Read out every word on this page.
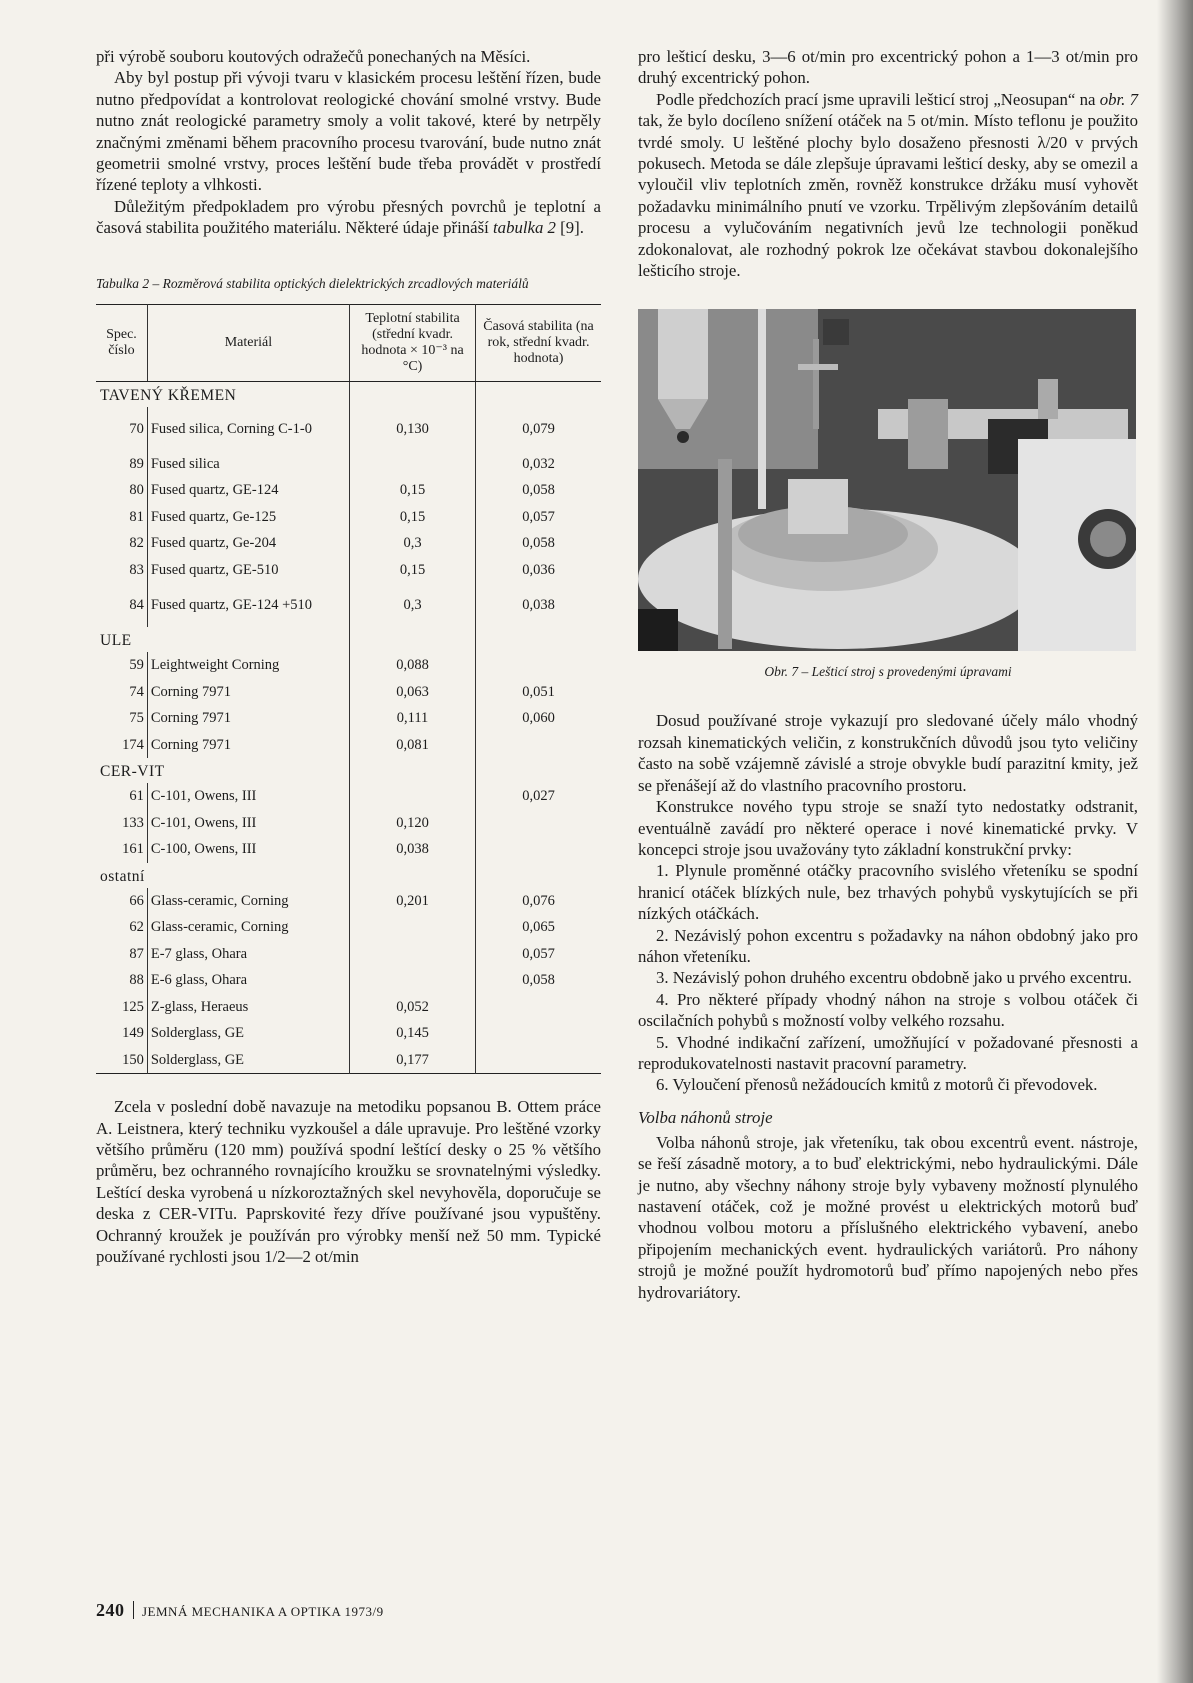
při výrobě souboru koutových odražečů ponechaných na Měsíci.

Aby byl postup při vývoji tvaru v klasickém procesu leštění řízen, bude nutno předpovídat a kontrolovat reologické chování smolné vrstvy. Bude nutno znát reologické parametry smoly a volit takové, které by netrpěly značnými změnami během pracovního procesu tvarování, bude nutno znát geometrii smolné vrstvy, proces leštění bude třeba provádět v prostředí řízené teploty a vlhkosti.

Důležitým předpokladem pro výrobu přesných povrchů je teplotní a časová stabilita použitého materiálu. Některé údaje přináší tabulka 2 [9].

Tabulka 2 – Rozměrová stabilita optických dielektrických zrcadlových materiálů

Spec. číslo	Materiál	Teplotní stabilita (střední kvadr. hodnota × 10⁻³ na °C)	Časová stabilita (na rok, střední kvadr. hodnota)
TAVENÝ KŘEMEN			
70	Fused silica, Corning C-1-0	0,130	0,079
89	Fused silica		0,032
80	Fused quartz, GE-124	0,15	0,058
81	Fused quartz, Ge-125	0,15	0,057
82	Fused quartz, Ge-204	0,3	0,058
83	Fused quartz, GE-510	0,15	0,036
84	Fused quartz, GE-124 +510	0,3	0,038
ULE			
59	Leightweight Corning	0,088	
74	Corning 7971	0,063	0,051
75	Corning 7971	0,111	0,060
174	Corning 7971	0,081	
CER-VIT			
61	C-101, Owens, III		0,027
133	C-101, Owens, III	0,120	
161	C-100, Owens, III	0,038	
ostatní			
66	Glass-ceramic, Corning	0,201	0,076
62	Glass-ceramic, Corning		0,065
87	E-7 glass, Ohara		0,057
88	E-6 glass, Ohara		0,058
125	Z-glass, Heraeus	0,052	
149	Solderglass, GE	0,145	
150	Solderglass, GE	0,177	

Zcela v poslední době navazuje na metodiku popsanou B. Ottem práce A. Leistnera, který techniku vyzkoušel a dále upravuje. Pro leštěné vzorky většího průměru (120 mm) používá spodní leštící desky o 25 % většího průměru, bez ochranného rovnajícího kroužku se srovnatelnými výsledky. Leštící deska vyrobená u nízkoroztažných skel nevyhověla, doporučuje se deska z CER-VITu. Paprskovité řezy dříve používané jsou vypuštěny. Ochranný kroužek je používán pro výrobky menší než 50 mm. Typické používané rychlosti jsou 1/2—2 ot/min

pro lešticí desku, 3—6 ot/min pro excentrický pohon a 1—3 ot/min pro druhý excentrický pohon.

Podle předchozích prací jsme upravili lešticí stroj „Neosupan“ na obr. 7 tak, že bylo docíleno snížení otáček na 5 ot/min. Místo teflonu je použito tvrdé smoly. U leštěné plochy bylo dosaženo přesnosti λ/20 v prvých pokusech. Metoda se dále zlepšuje úpravami lešticí desky, aby se omezil a vyloučil vliv teplotních změn, rovněž konstrukce držáku musí vyhovět požadavku minimálního pnutí ve vzorku. Trpělivým zlepšováním detailů procesu a vylučováním negativních jevů lze technologii poněkud zdokonalovat, ale rozhodný pokrok lze očekávat stavbou dokonalejšího lešticího stroje.

Obr. 7 – Lešticí stroj s provedenými úpravami

Dosud používané stroje vykazují pro sledované účely málo vhodný rozsah kinematických veličin, z konstrukčních důvodů jsou tyto veličiny často na sobě vzájemně závislé a stroje obvykle budí parazitní kmity, jež se přenášejí až do vlastního pracovního prostoru.

Konstrukce nového typu stroje se snaží tyto nedostatky odstranit, eventuálně zavádí pro některé operace i nové kinematické prvky. V koncepci stroje jsou uvažovány tyto základní konstrukční prvky:

1. Plynule proměnné otáčky pracovního svislého vřeteníku se spodní hranicí otáček blízkých nule, bez trhavých pohybů vyskytujících se při nízkých otáčkách.

2. Nezávislý pohon excentru s požadavky na náhon obdobný jako pro náhon vřeteníku.

3. Nezávislý pohon druhého excentru obdobně jako u prvého excentru.

4. Pro některé případy vhodný náhon na stroje s volbou otáček či oscilačních pohybů s možností volby velkého rozsahu.

5. Vhodné indikační zařízení, umožňující v požadované přesnosti a reprodukovatelnosti nastavit pracovní parametry.

6. Vyloučení přenosů nežádoucích kmitů z motorů či převodovek.

Volba náhonů stroje

Volba náhonů stroje, jak vřeteníku, tak obou excentrů event. nástroje, se řeší zásadně motory, a to buď elektrickými, nebo hydraulickými. Dále je nutno, aby všechny náhony stroje byly vybaveny možností plynulého nastavení otáček, což je možné provést u elektrických motorů buď vhodnou volbou motoru a příslušného elektrického vybavení, anebo připojením mechanických event. hydraulických variátorů. Pro náhony strojů je možné použít hydromotorů buď přímo napojených nebo přes hydrovariátory.

240 JEMNÁ MECHANIKA A OPTIKA 1973/9
